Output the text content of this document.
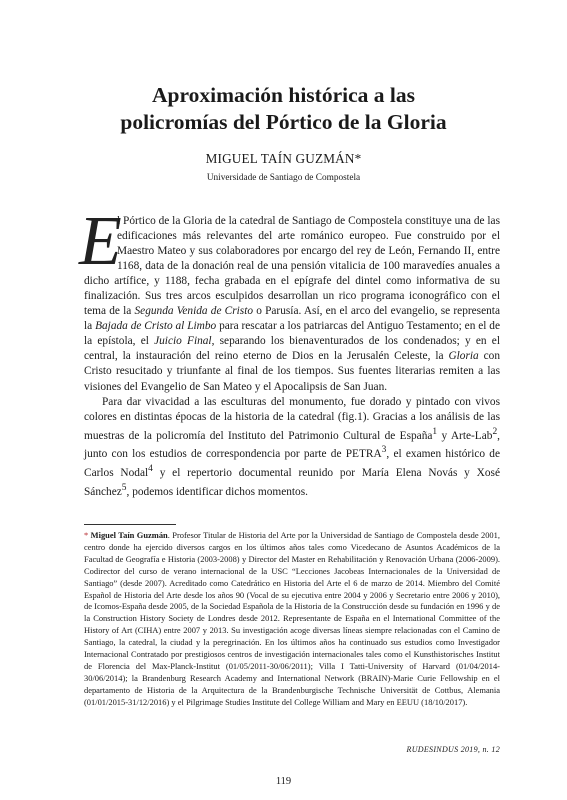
Aproximación histórica a las
policromías del Pórtico de la Gloria
MIGUEL TAÍN GUZMÁN*
Universidade de Santiago de Compostela

E
l Pórtico de la Gloria de la catedral de Santiago de Compostela constituye una de las edificaciones más relevantes del arte románico europeo. Fue construido por el Maestro Mateo y sus colaboradores por encargo del rey de León, Fernando II, entre 1168, data de la donación real de una pensión vitalicia de 100 maravedíes anuales a dicho artífice, y 1188, fecha grabada en el epígrafe del dintel como informativa de su finalización. Sus tres arcos esculpidos desarrollan un rico programa iconográfico con el tema de la Segunda Venida de Cristo o Parusía. Así, en el arco del evangelio, se representa la Bajada de Cristo al Limbo para rescatar a los patriarcas del Antiguo Testamento; en el de la epístola, el Juicio Final, separando los bienaventurados de los condenados; y en el central, la instauración del reino eterno de Dios en la Jerusalén Celeste, la Gloria con Cristo resucitado y triunfante al final de los tiempos. Sus fuentes literarias remiten a las visiones del Evangelio de San Mateo y el Apocalipsis de San Juan.

Para dar vivacidad a las esculturas del monumento, fue dorado y pintado con vivos colores en distintas épocas de la historia de la catedral (fig.1). Gracias a los análisis de las muestras de la policromía del Instituto del Patrimonio Cultural de España$^1$ y Arte-Lab$^2$, junto con los estudios de correspondencia por parte de PETRA$^3$, el examen histórico de Carlos Nodal$^4$ y el repertorio documental reunido por María Elena Novás y Xosé Sánchez$^5$, podemos identificar dichos momentos.

* Miguel Taín Guzmán. Profesor Titular de Historia del Arte por la Universidad de Santiago de Compostela desde 2001, centro donde ha ejercido diversos cargos en los últimos años tales como Vicedecano de Asuntos Académicos de la Facultad de Geografía e Historia (2003-2008) y Director del Master en Rehabilitación y Renovación Urbana (2006-2009). Codirector del curso de verano internacional de la USC “Lecciones Jacobeas Internacionales de la Universidad de Santiago” (desde 2007). Acreditado como Catedrático en Historia del Arte el 6 de marzo de 2014. Miembro del Comité Español de Historia del Arte desde los años 90 (Vocal de su ejecutiva entre 2004 y 2006 y Secretario entre 2006 y 2010), de Icomos-España desde 2005, de la Sociedad Española de la Historia de la Construcción desde su fundación en 1996 y de la Construction History Society de Londres desde 2012. Representante de España en el International Committee of the History of Art (CIHA) entre 2007 y 2013. Su investigación acoge diversas líneas siempre relacionadas con el Camino de Santiago, la catedral, la ciudad y la peregrinación. En los últimos años ha continuado sus estudios como Investigador Internacional Contratado por prestigiosos centros de investigación internacionales tales como el Kunsthistorisches Institut de Florencia del Max-Planck-Institut (01/05/2011-30/06/2011); Villa I Tatti-University of Harvard (01/04/2014-30/06/2014); la Brandenburg Research Academy and International Network (BRAIN)-Marie Curie Fellowship en el departamento de Historia de la Arquitectura de la Brandenburgische Technische Universität de Cottbus, Alemania (01/01/2015-31/12/2016) y el Pilgrimage Studies Institute del College William and Mary en EEUU (18/10/2017).

RUDESINDUS 2019, n. 12
119
